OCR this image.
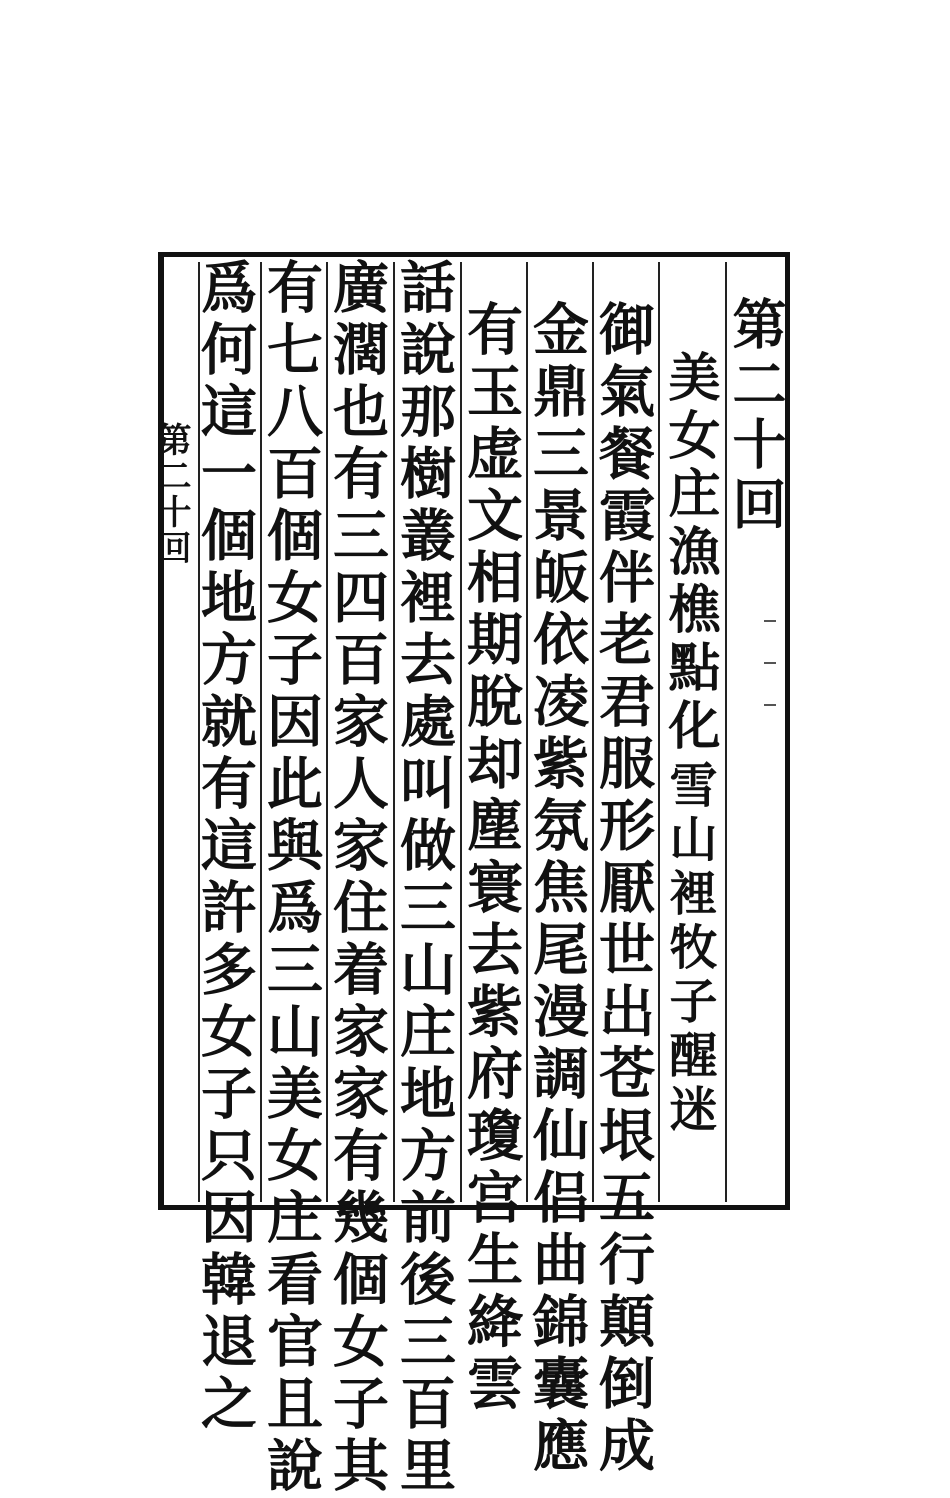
第二十回
美女庄漁樵點化
雪山裡牧子醒迷
御氣餐霞伴老君服形厭世出苍垠五行顛倒成
金鼎三景皈依凌紫氛焦尾漫調仙侣曲錦囊應
有玉虚文相期脫却塵寰去紫府瓊宫生絳雲
話說那樹叢裡去處叫做三山庄地方前後三百里
廣濶也有三四百家人家住着家家有幾個女子其
有七八百個女子因此與爲三山美女庄看官且說
爲何這一個地方就有這許多女子只因韓退之
第二十回
